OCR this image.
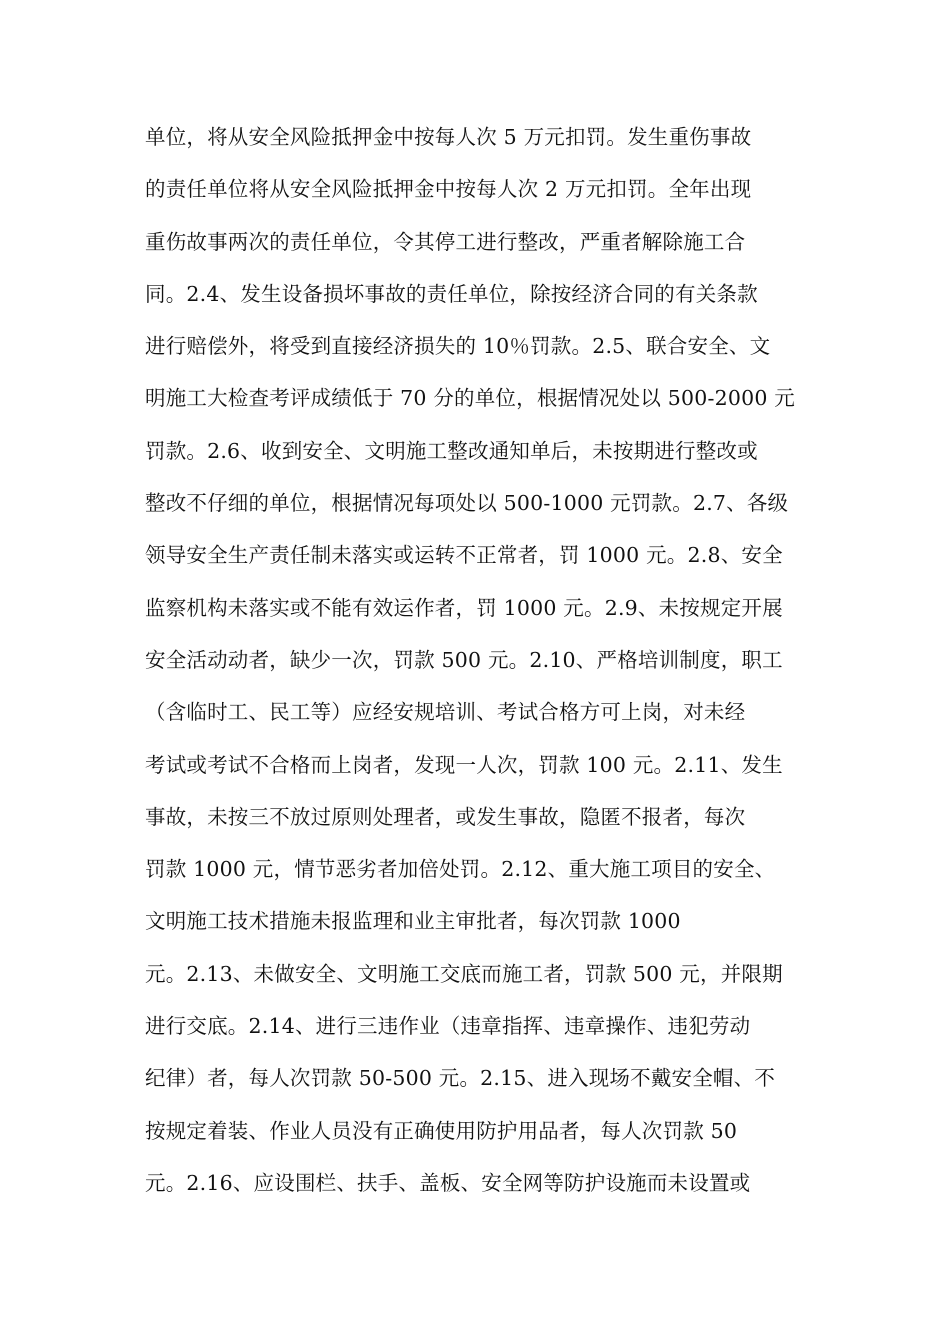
单位，将从安全风险抵押金中按每人次 5 万元扣罚。发生重伤事故
的责任单位将从安全风险抵押金中按每人次 2 万元扣罚。全年出现
重伤故事两次的责任单位，令其停工进行整改，严重者解除施工合
同。2.4、发生设备损坏事故的责任单位，除按经济合同的有关条款
进行赔偿外，将受到直接经济损失的 10％罚款。2.5、联合安全、文
明施工大检查考评成绩低于 70 分的单位，根据情况处以 500-2000 元
罚款。2.6、收到安全、文明施工整改通知单后，未按期进行整改或
整改不仔细的单位，根据情况每项处以 500-1000 元罚款。2.7、各级
领导安全生产责任制未落实或运转不正常者，罚 1000 元。2.8、安全
监察机构未落实或不能有效运作者，罚 1000 元。2.9、未按规定开展
安全活动动者，缺少一次，罚款 500 元。2.10、严格培训制度，职工
（含临时工、民工等）应经安规培训、考试合格方可上岗，对未经
考试或考试不合格而上岗者，发现一人次，罚款 100 元。2.11、发生
事故，未按三不放过原则处理者，或发生事故，隐匿不报者，每次
罚款 1000 元，情节恶劣者加倍处罚。2.12、重大施工项目的安全、
文明施工技术措施未报监理和业主审批者，每次罚款 1000
元。2.13、未做安全、文明施工交底而施工者，罚款 500 元，并限期
进行交底。2.14、进行三违作业（违章指挥、违章操作、违犯劳动
纪律）者，每人次罚款 50-500 元。2.15、进入现场不戴安全帽、不
按规定着装、作业人员没有正确使用防护用品者，每人次罚款 50
元。2.16、应设围栏、扶手、盖板、安全网等防护设施而未设置或
